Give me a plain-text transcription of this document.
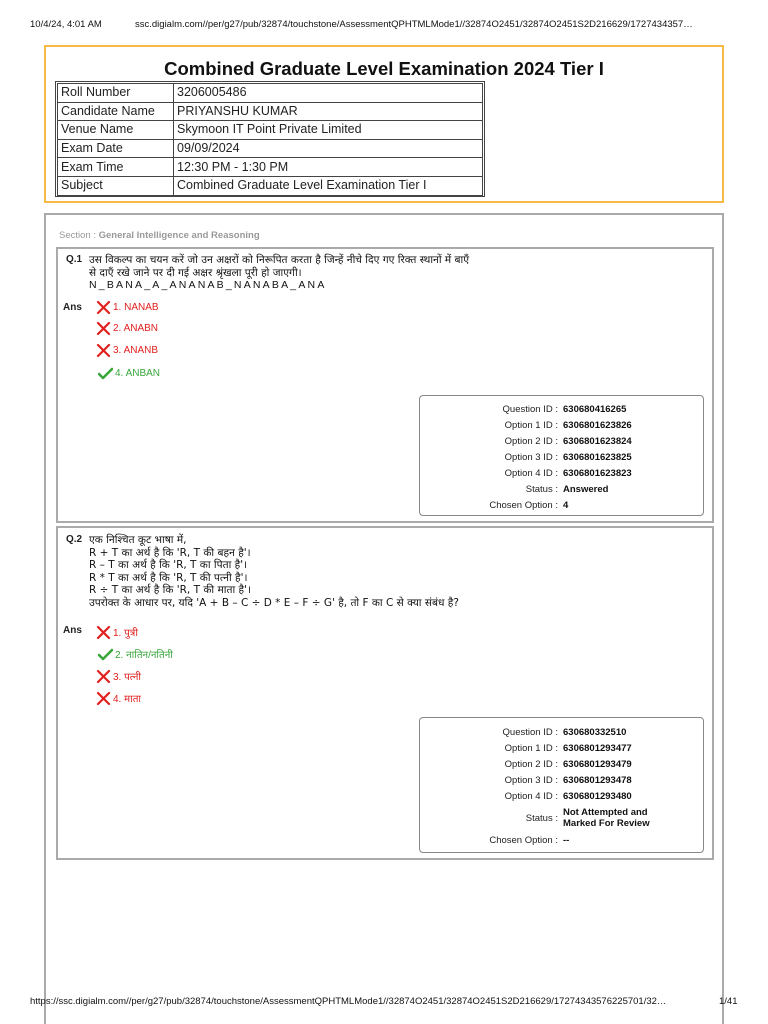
10/4/24, 4:01 AM	ssc.digialm.com//per/g27/pub/32874/touchstone/AssessmentQPHTMLMode1//32874O2451/32874O2451S2D216629/1727434357…
Combined Graduate Level Examination 2024 Tier I
Roll Number	3206005486
Candidate Name	PRIYANSHU KUMAR
Venue Name	Skymoon IT Point Private Limited
Exam Date	09/09/2024
Exam Time	12:30 PM - 1:30 PM
Subject	Combined Graduate Level Examination Tier I
Section : General Intelligence and Reasoning
Q.1 उस विकल्प का चयन करें जो उन अक्षरों को निरूपित करता है जिन्हें नीचे दिए गए रिक्त स्थानों में बाएँ
से दाएँ रखे जाने पर दी गई अक्षर श्रृंखला पूरी हो जाएगी।
N_BANA_A_ANANAB_NANABA_ANA
Ans	1. NANAB
2. ANABN
3. ANANB
4. ANBAN
Question ID : 630680416265
Option 1 ID : 6306801623826
Option 2 ID : 6306801623824
Option 3 ID : 6306801623825
Option 4 ID : 6306801623823
Status : Answered
Chosen Option : 4
Q.2 एक निश्चित कूट भाषा में,
R + T का अर्थ है कि 'R, T की बहन है'।
R – T का अर्थ है कि 'R, T का पिता है'।
R * T का अर्थ है कि 'R, T की पत्नी है'।
R ÷ T का अर्थ है कि 'R, T की माता है'।
उपरोक्त के आधार पर, यदि 'A + B – C ÷ D * E – F ÷ G' है, तो F का C से क्या संबंध है?
Ans	1. पुत्री
2. नातिन/नतिनी
3. पत्नी
4. माता
Question ID : 630680332510
Option 1 ID : 6306801293477
Option 2 ID : 6306801293479
Option 3 ID : 6306801293478
Option 4 ID : 6306801293480
Status : Not Attempted and Marked For Review
Chosen Option : --
https://ssc.digialm.com//per/g27/pub/32874/touchstone/AssessmentQPHTMLMode1//32874O2451/32874O2451S2D216629/17274343576225701/32…	1/41
